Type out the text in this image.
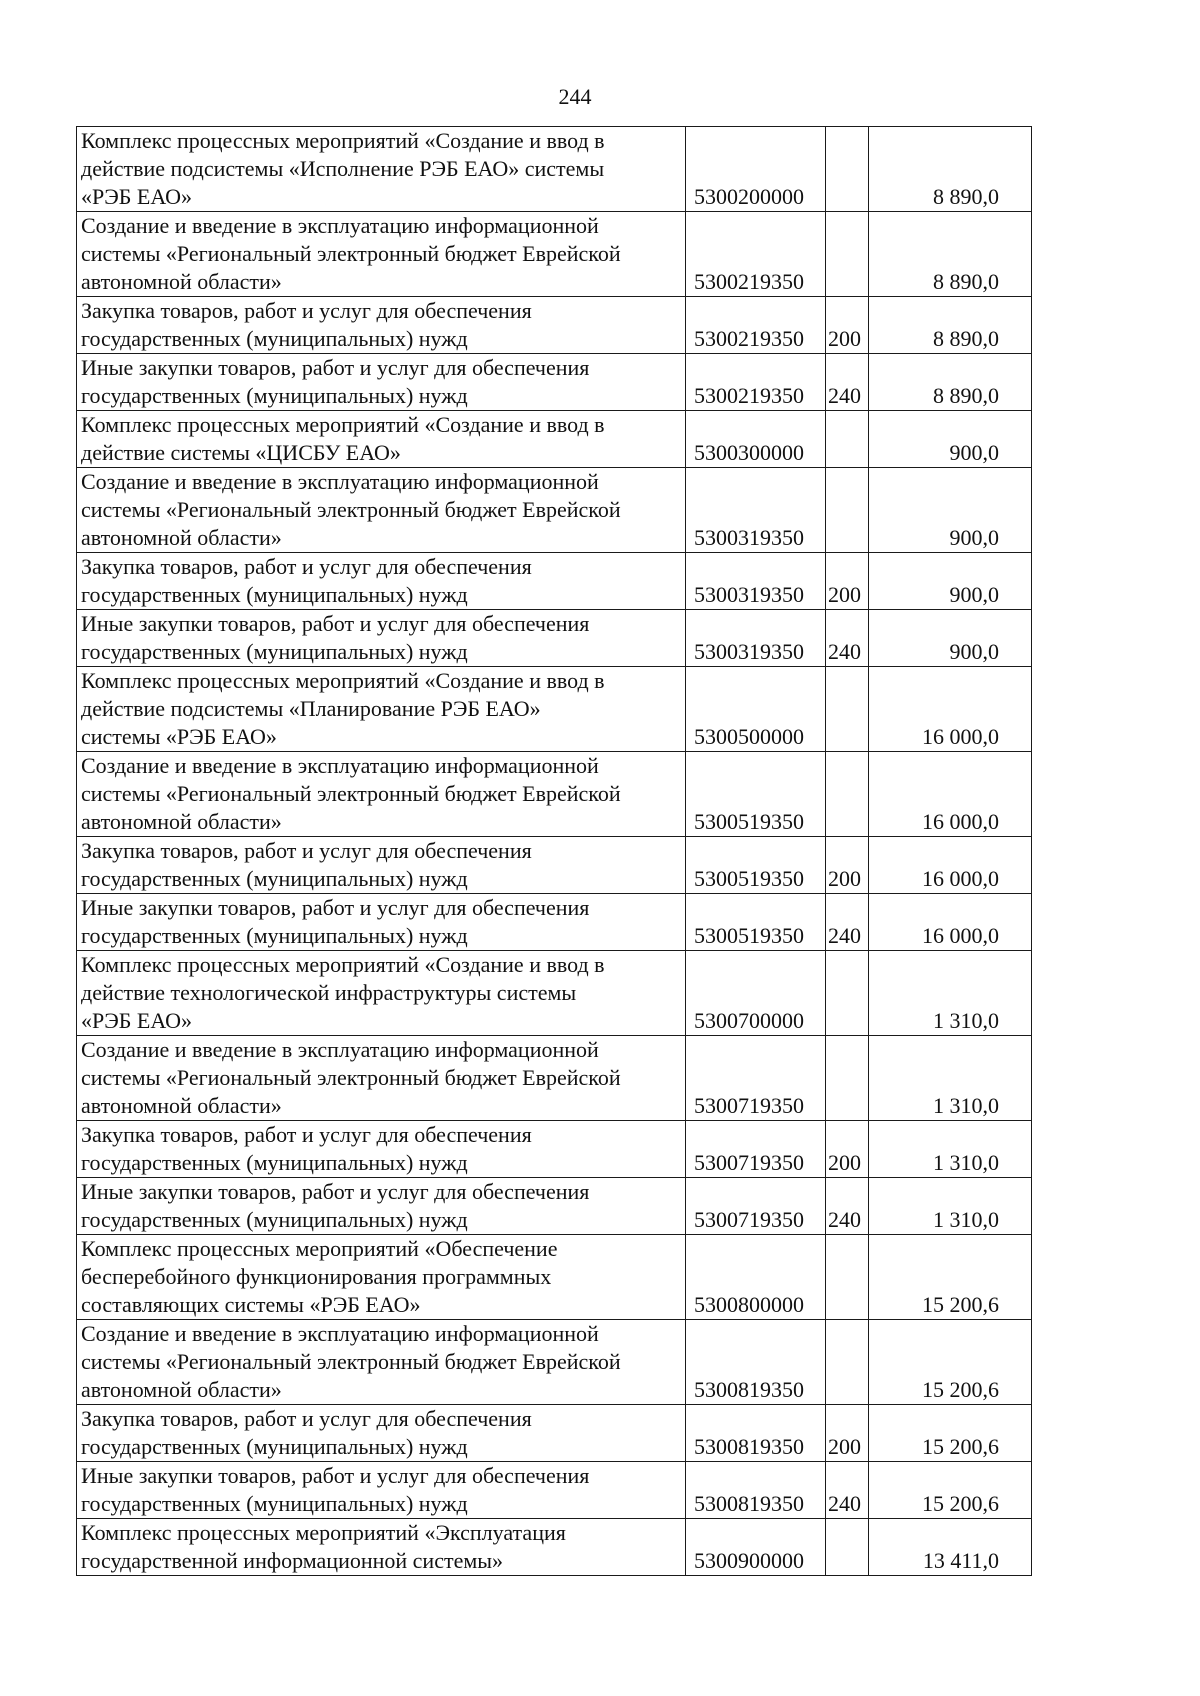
244
Комплекс процессных мероприятий «Создание и ввод в
действие подсистемы «Исполнение РЭБ ЕАО» системы
«РЭБ ЕАО»	5300200000		8 890,0
Создание и введение в эксплуатацию информационной
системы «Региональный электронный бюджет Еврейской
автономной области»	5300219350		8 890,0
Закупка товаров, работ и услуг для обеспечения
государственных (муниципальных) нужд	5300219350	200	8 890,0
Иные закупки товаров, работ и услуг для обеспечения
государственных (муниципальных) нужд	5300219350	240	8 890,0
Комплекс процессных мероприятий «Создание и ввод в
действие системы «ЦИСБУ ЕАО»	5300300000		900,0
Создание и введение в эксплуатацию информационной
системы «Региональный электронный бюджет Еврейской
автономной области»	5300319350		900,0
Закупка товаров, работ и услуг для обеспечения
государственных (муниципальных) нужд	5300319350	200	900,0
Иные закупки товаров, работ и услуг для обеспечения
государственных (муниципальных) нужд	5300319350	240	900,0
Комплекс процессных мероприятий «Создание и ввод в
действие подсистемы «Планирование РЭБ ЕАО»
системы «РЭБ ЕАО»	5300500000		16 000,0
Создание и введение в эксплуатацию информационной
системы «Региональный электронный бюджет Еврейской
автономной области»	5300519350		16 000,0
Закупка товаров, работ и услуг для обеспечения
государственных (муниципальных) нужд	5300519350	200	16 000,0
Иные закупки товаров, работ и услуг для обеспечения
государственных (муниципальных) нужд	5300519350	240	16 000,0
Комплекс процессных мероприятий «Создание и ввод в
действие технологической инфраструктуры системы
«РЭБ ЕАО»	5300700000		1 310,0
Создание и введение в эксплуатацию информационной
системы «Региональный электронный бюджет Еврейской
автономной области»	5300719350		1 310,0
Закупка товаров, работ и услуг для обеспечения
государственных (муниципальных) нужд	5300719350	200	1 310,0
Иные закупки товаров, работ и услуг для обеспечения
государственных (муниципальных) нужд	5300719350	240	1 310,0
Комплекс процессных мероприятий «Обеспечение
бесперебойного функционирования программных
составляющих системы «РЭБ ЕАО»	5300800000		15 200,6
Создание и введение в эксплуатацию информационной
системы «Региональный электронный бюджет Еврейской
автономной области»	5300819350		15 200,6
Закупка товаров, работ и услуг для обеспечения
государственных (муниципальных) нужд	5300819350	200	15 200,6
Иные закупки товаров, работ и услуг для обеспечения
государственных (муниципальных) нужд	5300819350	240	15 200,6
Комплекс процессных мероприятий «Эксплуатация
государственной информационной системы»	5300900000		13 411,0
